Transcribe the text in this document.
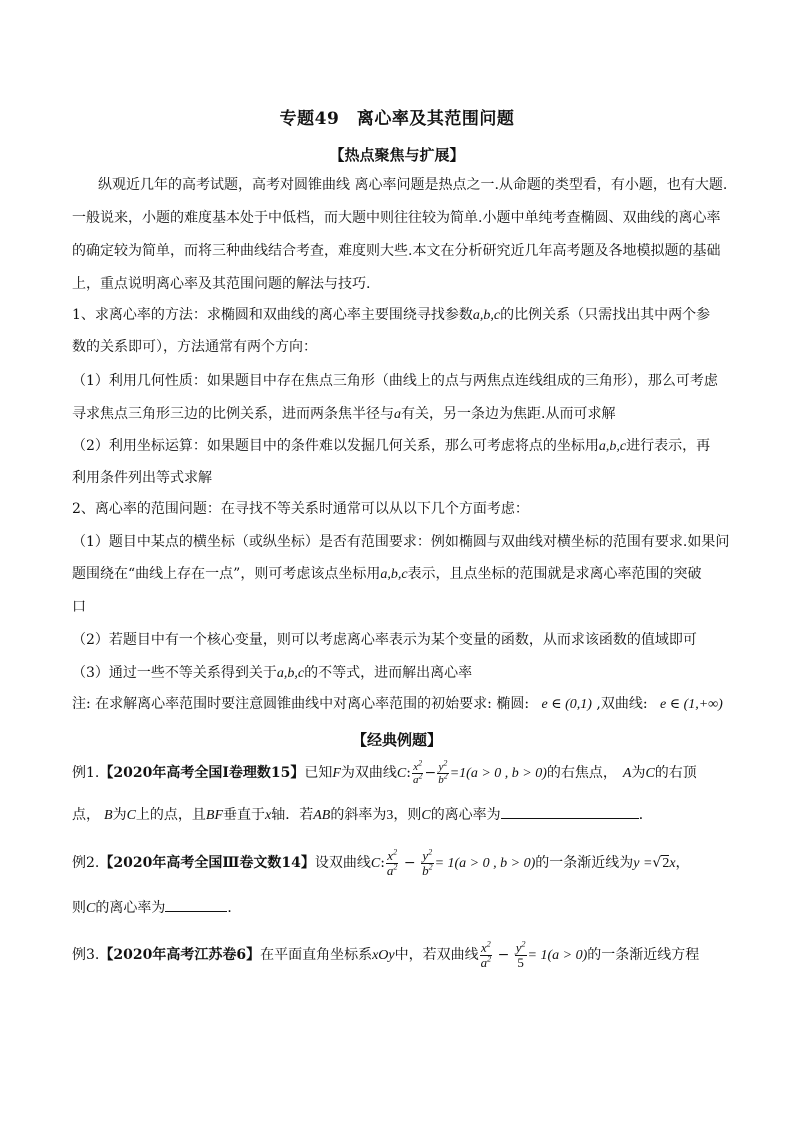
专题49　离心率及其范围问题
【热点聚焦与扩展】
纵观近几年的高考试题，高考对圆锥曲线 离心率问题是热点之一.从命题的类型看，有小题，也有大题.
一般说来，小题的难度基本处于中低档，而大题中则往往较为简单.小题中单纯考查椭圆、双曲线的离心率
的确定较为简单，而将三种曲线结合考查，难度则大些.本文在分析研究近几年高考题及各地模拟题的基础
上，重点说明离心率及其范围问题的解法与技巧.
1、求离心率的方法：求椭圆和双曲线的离心率主要围绕寻找参数a,b,c的比例关系（只需找出其中两个参
数的关系即可），方法通常有两个方向：
（1）利用几何性质：如果题目中存在焦点三角形（曲线上的点与两焦点连线组成的三角形），那么可考虑
寻求焦点三角形三边的比例关系，进而两条焦半径与a有关，另一条边为焦距.从而可求解
（2）利用坐标运算：如果题目中的条件难以发掘几何关系，那么可考虑将点的坐标用a,b,c进行表示，再
利用条件列出等式求解
2、离心率的范围问题：在寻找不等关系时通常可以从以下几个方面考虑：
（1）题目中某点的横坐标（或纵坐标）是否有范围要求：例如椭圆与双曲线对横坐标的范围有要求.如果问
题围绕在“曲线上存在一点”，则可考虑该点坐标用a,b,c表示，且点坐标的范围就是求离心率范围的突破
口
（2）若题目中有一个核心变量，则可以考虑离心率表示为某个变量的函数，从而求该函数的值域即可
（3）通过一些不等关系得到关于a,b,c的不等式，进而解出离心率
注: 在求解离心率范围时要注意圆锥曲线中对离心率范围的初始要求: 椭圆: e ∈ (0,1) ,双曲线: e ∈ (1,+∞)
【经典例题】
例1.【2020年高考全国Ⅰ卷理数15】已知F为双曲线C: $\frac{x^2}{a^2} - \frac{y^2}{b^2} =1(a > 0$ , b > 0)的右焦点， A为C的右顶
点， B为C上的点，且BF垂直于x轴．若AB的斜率为3，则C的离心率为	．
例2.【2020年高考全国Ⅲ卷文数14】设双曲线C: $\frac{x^2}{a^2} - \frac{y^2}{b^2} = 1(a > 0$ , b > 0)的一条渐近线为y =√2x，
则C的离心率为	．
例3.【2020年高考江苏卷6】在平面直角坐标系xOy中，若双曲线 $\frac{x^2}{a^2} - \frac{y^2}{5} = 1(a > 0)$的一条渐近线方程
